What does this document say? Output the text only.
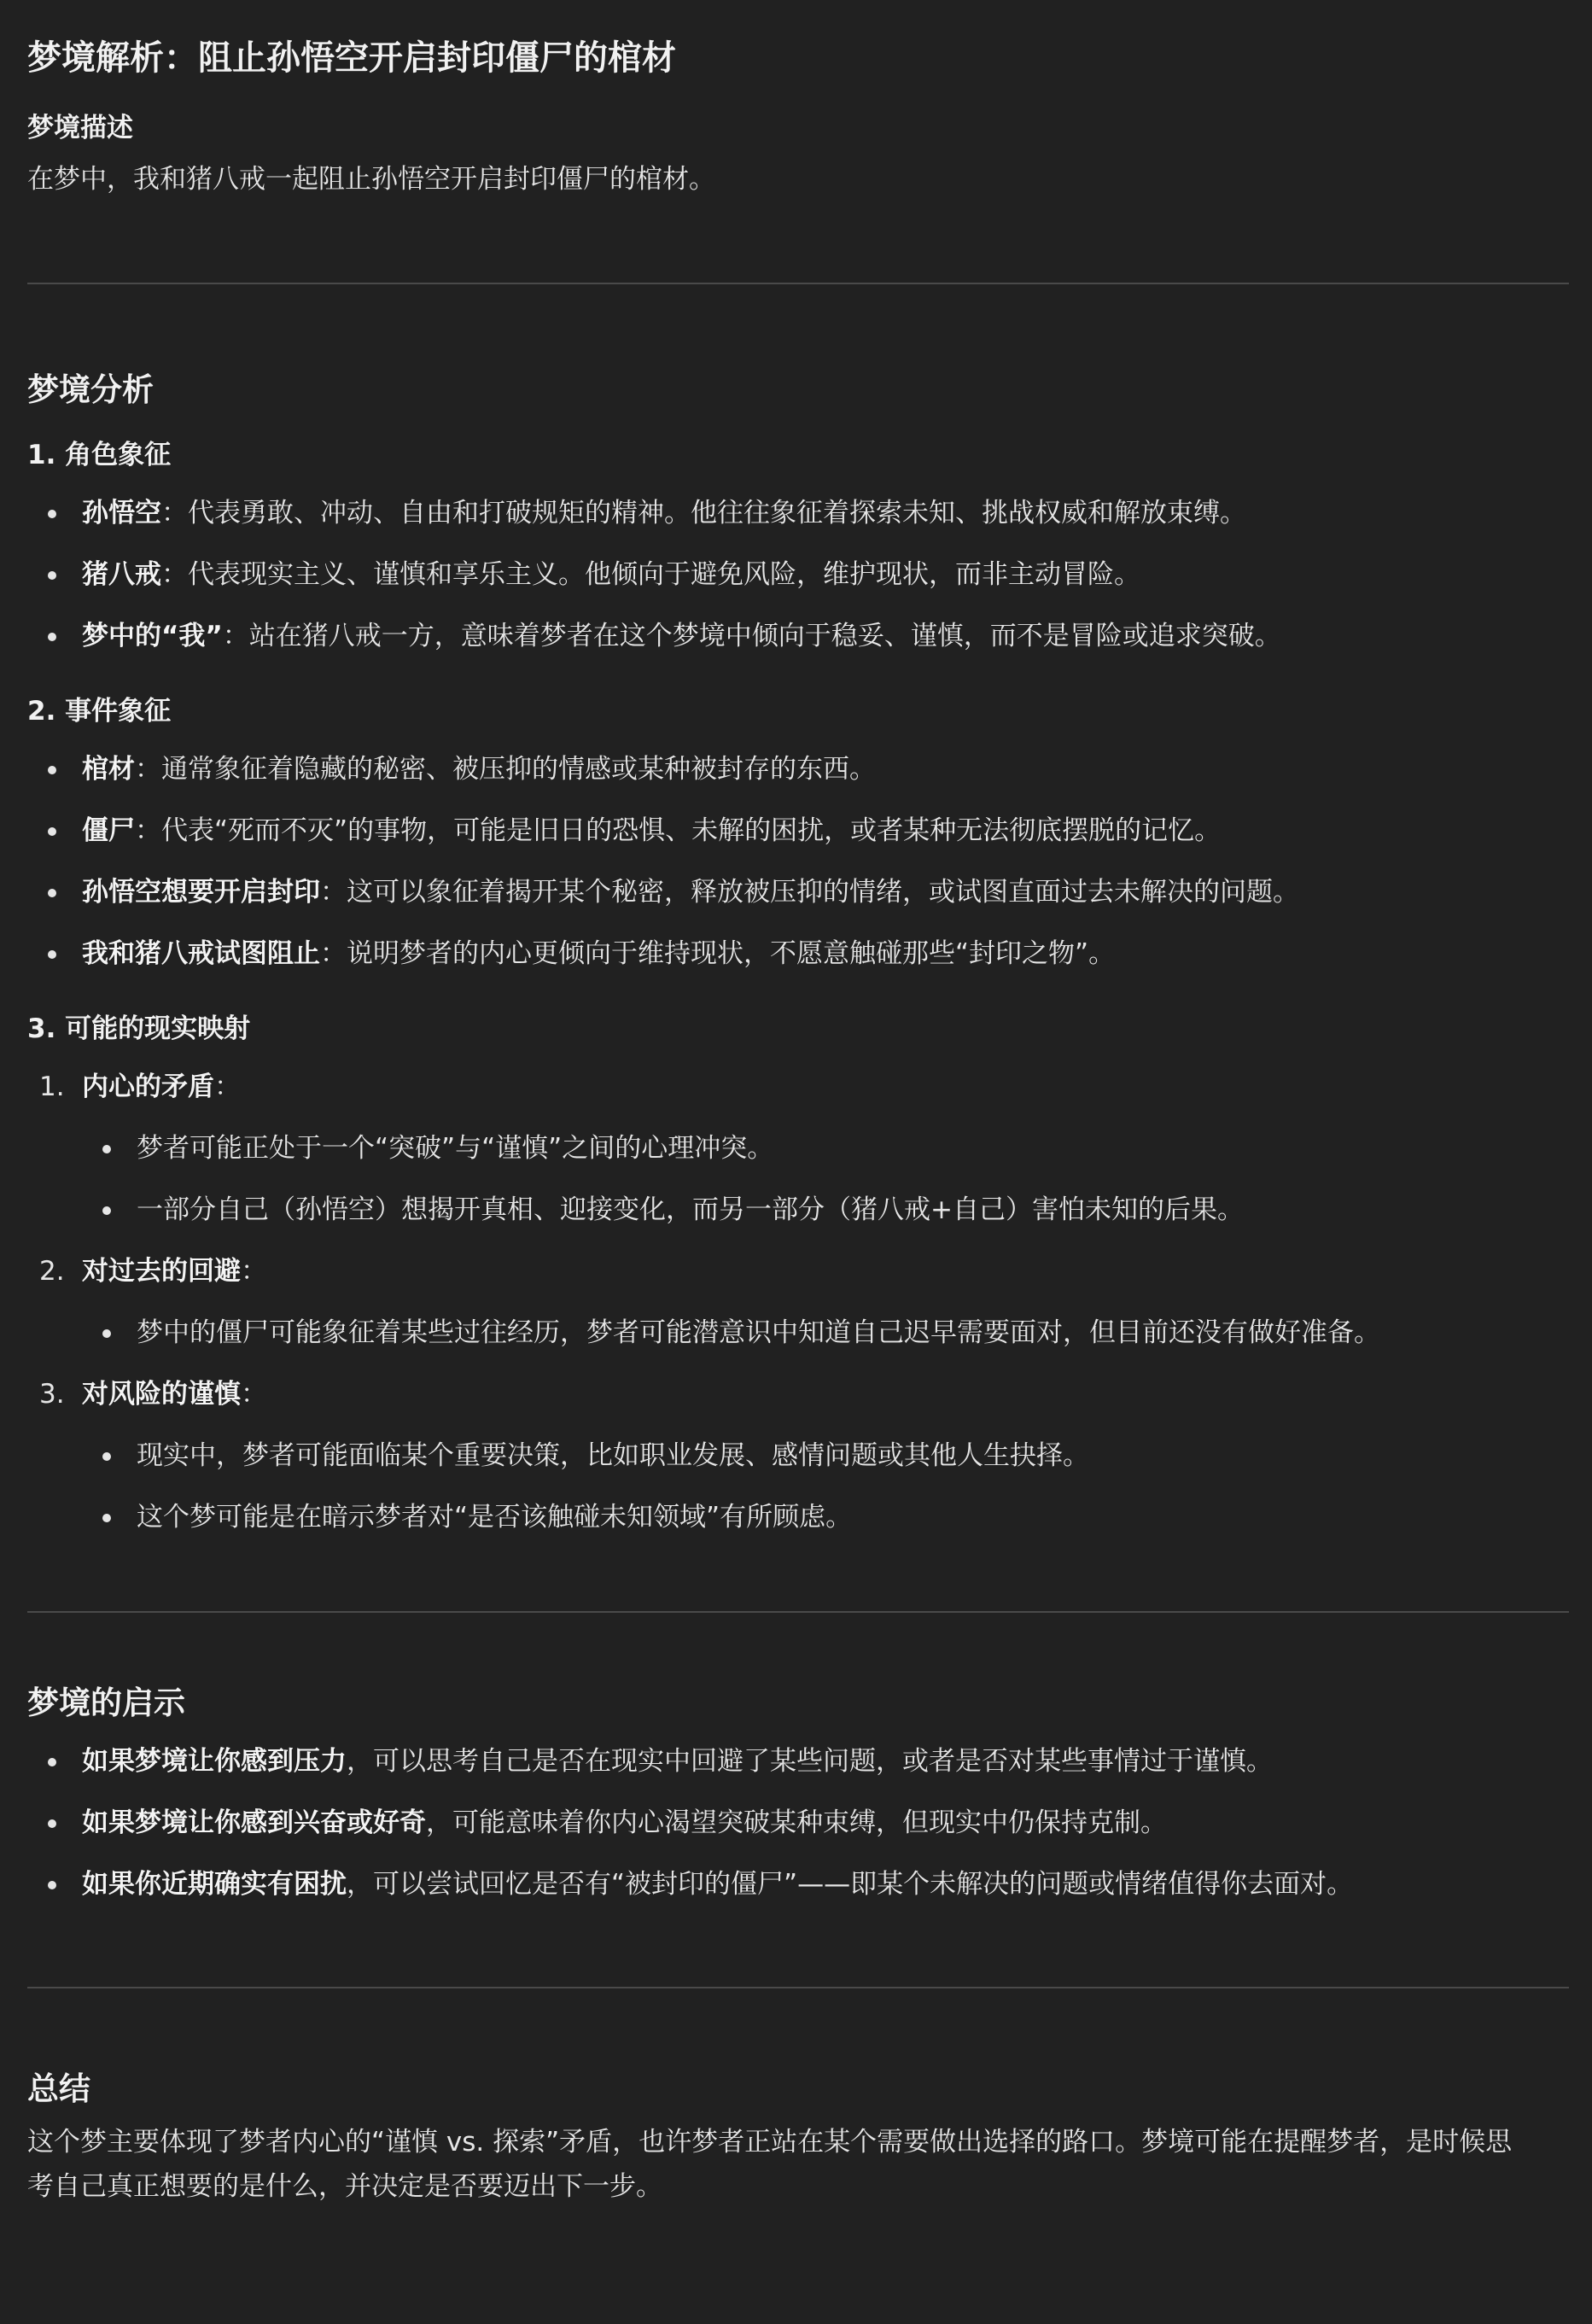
梦境解析：阻止孙悟空开启封印僵尸的棺材
梦境描述

在梦中，我和猪八戒一起阻止孙悟空开启封印僵尸的棺材。

梦境分析
1. 角色象征
孙悟空：代表勇敢、冲动、自由和打破规矩的精神。他往往象征着探索未知、挑战权威和解放束缚。
猪八戒：代表现实主义、谨慎和享乐主义。他倾向于避免风险，维护现状，而非主动冒险。
梦中的“我”：站在猪八戒一方，意味着梦者在这个梦境中倾向于稳妥、谨慎，而不是冒险或追求突破。
2. 事件象征
棺材：通常象征着隐藏的秘密、被压抑的情感或某种被封存的东西。
僵尸：代表“死而不灭”的事物，可能是旧日的恐惧、未解的困扰，或者某种无法彻底摆脱的记忆。
孙悟空想要开启封印：这可以象征着揭开某个秘密，释放被压抑的情绪，或试图直面过去未解决的问题。
我和猪八戒试图阻止：说明梦者的内心更倾向于维持现状，不愿意触碰那些“封印之物”。
3. 可能的现实映射
1. 内心的矛盾：
梦者可能正处于一个“突破”与“谨慎”之间的心理冲突。
一部分自己（孙悟空）想揭开真相、迎接变化，而另一部分（猪八戒+自己）害怕未知的后果。
2. 对过去的回避：
梦中的僵尸可能象征着某些过往经历，梦者可能潜意识中知道自己迟早需要面对，但目前还没有做好准备。
3. 对风险的谨慎：
现实中，梦者可能面临某个重要决策，比如职业发展、感情问题或其他人生抉择。
这个梦可能是在暗示梦者对“是否该触碰未知领域”有所顾虑。
梦境的启示
如果梦境让你感到压力，可以思考自己是否在现实中回避了某些问题，或者是否对某些事情过于谨慎。
如果梦境让你感到兴奋或好奇，可能意味着你内心渴望突破某种束缚，但现实中仍保持克制。
如果你近期确实有困扰，可以尝试回忆是否有“被封印的僵尸”——即某个未解决的问题或情绪值得你去面对。
总结

这个梦主要体现了梦者内心的“谨慎 vs. 探索”矛盾，也许梦者正站在某个需要做出选择的路口。梦境可能在提醒梦者，是时候思

考自己真正想要的是什么，并决定是否要迈出下一步。
